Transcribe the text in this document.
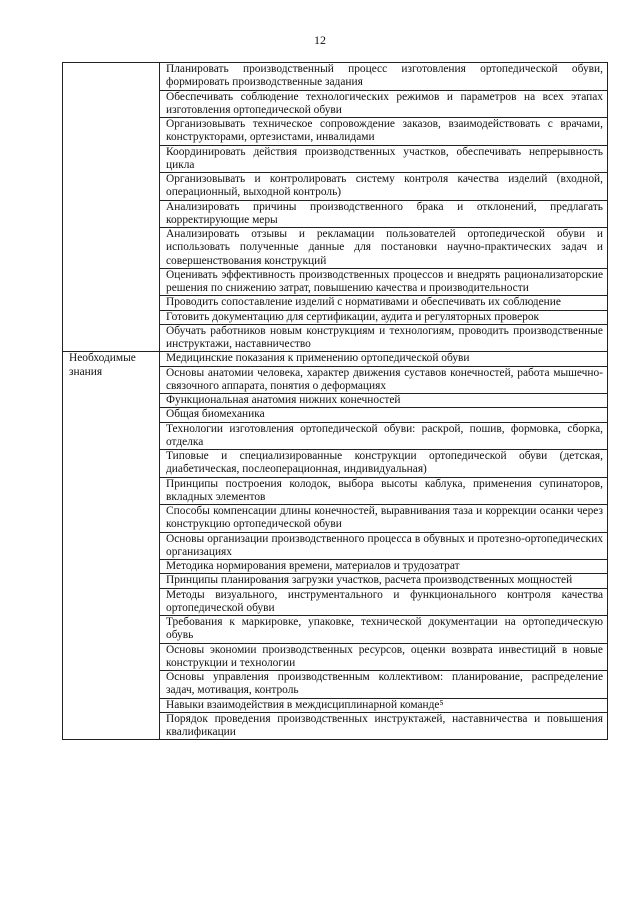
12
	Планировать производственный процесс изготовления ортопедической обуви, формировать производственные задания
	Обеспечивать соблюдение технологических режимов и параметров на всех этапах изготовления ортопедической обуви
	Организовывать техническое сопровождение заказов, взаимодействовать с врачами, конструкторами, ортезистами, инвалидами
	Координировать действия производственных участков, обеспечивать непрерывность цикла
	Организовывать и контролировать систему контроля качества изделий (входной, операционный, выходной контроль)
	Анализировать причины производственного брака и отклонений, предлагать корректирующие меры
	Анализировать отзывы и рекламации пользователей ортопедической обуви и использовать полученные данные для постановки научно-практических задач и совершенствования конструкций
	Оценивать эффективность производственных процессов и внедрять рационализаторские решения по снижению затрат, повышению качества и производительности
	Проводить сопоставление изделий с нормативами и обеспечивать их соблюдение
	Готовить документацию для сертификации, аудита и регуляторных проверок
	Обучать работников новым конструкциям и технологиям, проводить производственные инструктажи, наставничество
Необходимые знания	Медицинские показания к применению ортопедической обуви
	Основы анатомии человека, характер движения суставов конечностей, работа мышечно-связочного аппарата, понятия о деформациях
	Функциональная анатомия нижних конечностей
	Общая биомеханика
	Технологии изготовления ортопедической обуви: раскрой, пошив, формовка, сборка, отделка
	Типовые и специализированные конструкции ортопедической обуви (детская, диабетическая, послеоперационная, индивидуальная)
	Принципы построения колодок, выбора высоты каблука, применения супинаторов, вкладных элементов
	Способы компенсации длины конечностей, выравнивания таза и коррекции осанки через конструкцию ортопедической обуви
	Основы организации производственного процесса в обувных и протезно-ортопедических организациях
	Методика нормирования времени, материалов и трудозатрат
	Принципы планирования загрузки участков, расчета производственных мощностей
	Методы визуального, инструментального и функционального контроля качества ортопедической обуви
	Требования к маркировке, упаковке, технической документации на ортопедическую обувь
	Основы экономии производственных ресурсов, оценки возврата инвестиций в новые конструкции и технологии
	Основы управления производственным коллективом: планирование, распределение задач, мотивация, контроль
	Навыки взаимодействия в междисциплинарной команде⁵
	Порядок проведения производственных инструктажей, наставничества и повышения квалификации
